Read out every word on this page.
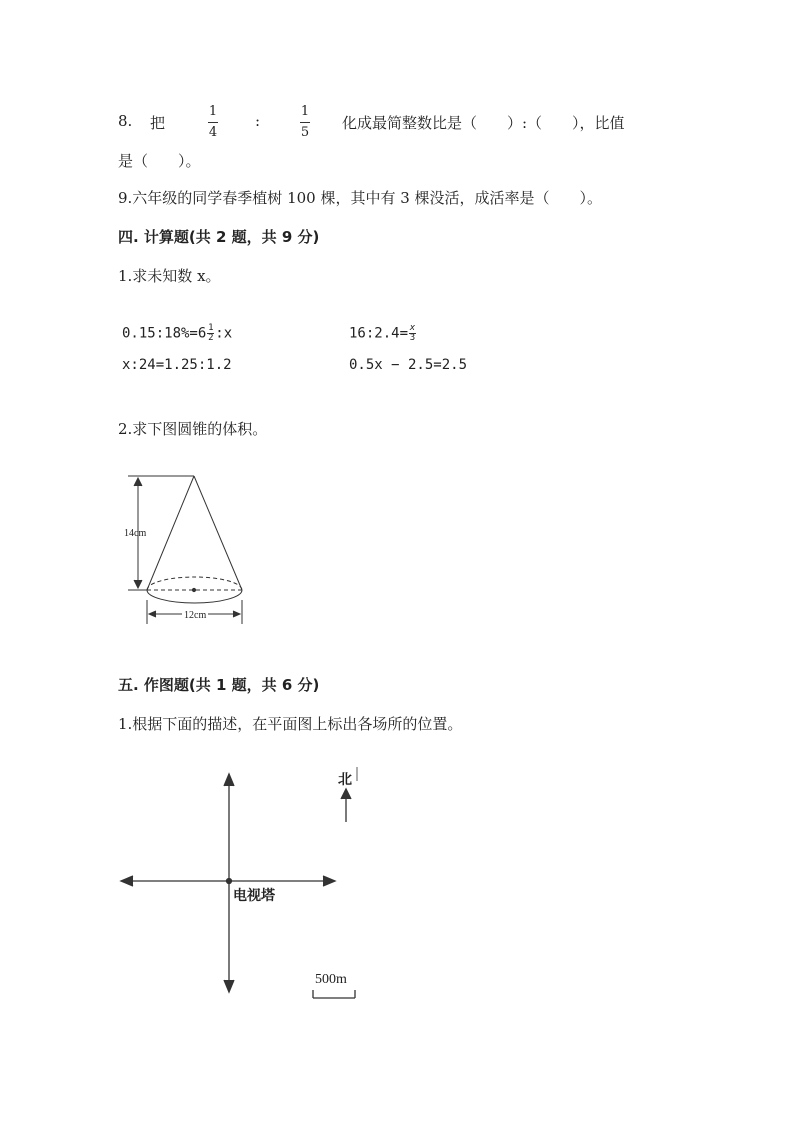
8. 把
1
4
:
1
5
化成最简整数比是（　　）:（　　），比值
是（　　）。
9.六年级的同学春季植树 100 棵，其中有 3 棵没活，成活率是（　　）。
四. 计算题(共 2 题，共 9 分)
1.求未知数 x。
0.15:18%=6 $\frac{1}{2}$ :x	16:2.4= $\frac{x}{3}$
x:24=1.25:1.2	0.5x − 2.5=2.5
2.求下图圆锥的体积。
14cm
12cm
五. 作图题(共 1 题，共 6 分)
1.根据下面的描述，在平面图上标出各场所的位置。
电视塔
北
500m
